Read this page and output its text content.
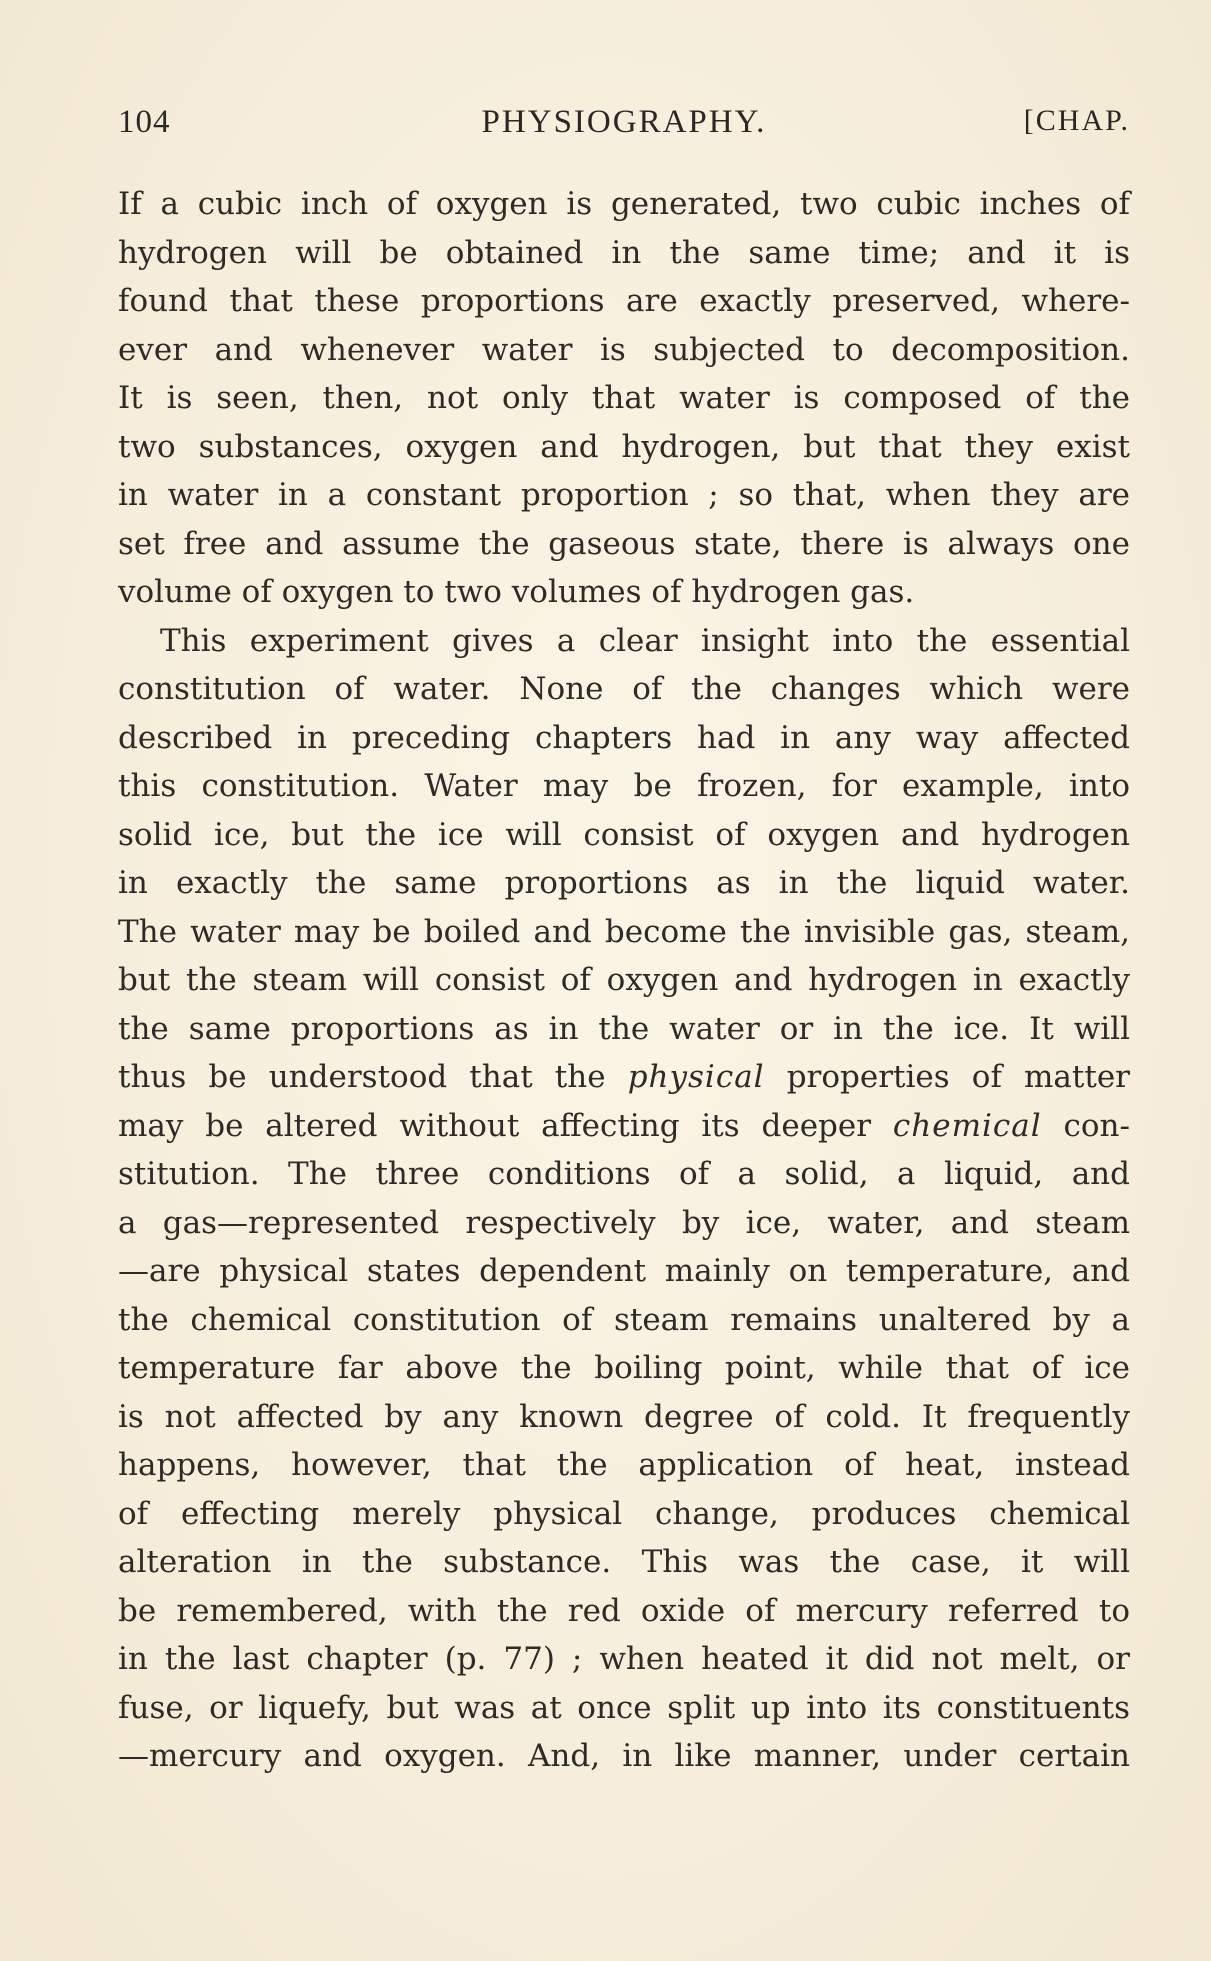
104	PHYSIOGRAPHY.	[CHAP.
If a cubic inch of oxygen is generated, two cubic inches of
hydrogen will be obtained in the same time; and it is
found that these proportions are exactly preserved, where-
ever and whenever water is subjected to decomposition.
It is seen, then, not only that water is composed of the
two substances, oxygen and hydrogen, but that they exist
in water in a constant proportion ; so that, when they are
set free and assume the gaseous state, there is always one
volume of oxygen to two volumes of hydrogen gas.
This experiment gives a clear insight into the essential
constitution of water. None of the changes which were
described in preceding chapters had in any way affected
this constitution. Water may be frozen, for example, into
solid ice, but the ice will consist of oxygen and hydrogen
in exactly the same proportions as in the liquid water.
The water may be boiled and become the invisible gas, steam,
but the steam will consist of oxygen and hydrogen in exactly
the same proportions as in the water or in the ice. It will
thus be understood that the physical properties of matter
may be altered without affecting its deeper chemical con-
stitution. The three conditions of a solid, a liquid, and
a gas—represented respectively by ice, water, and steam
—are physical states dependent mainly on temperature, and
the chemical constitution of steam remains unaltered by a
temperature far above the boiling point, while that of ice
is not affected by any known degree of cold. It frequently
happens, however, that the application of heat, instead
of effecting merely physical change, produces chemical
alteration in the substance. This was the case, it will
be remembered, with the red oxide of mercury referred to
in the last chapter (p. 77) ; when heated it did not melt, or
fuse, or liquefy, but was at once split up into its constituents
—mercury and oxygen. And, in like manner, under certain
